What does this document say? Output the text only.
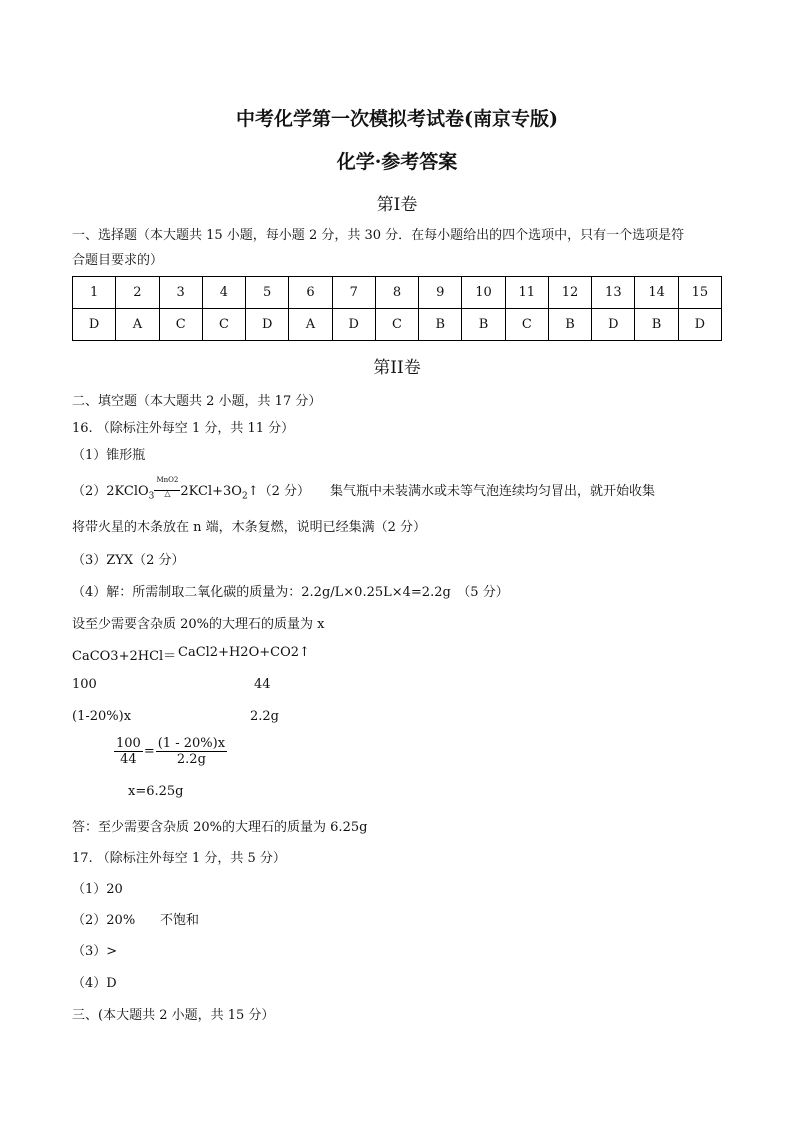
中考化学第一次模拟考试卷(南京专版)
化学·参考答案
第Ⅰ卷
一、选择题（本大题共 15 小题，每小题 2 分，共 30 分．在每小题给出的四个选项中，只有一个选项是符
合题目要求的）
1	2	3	4	5	6	7	8	9	10	11	12	13	14	15
D	A	C	C	D	A	D	C	B	B	C	B	D	B	D
第II卷
二、填空题（本大题共 2 小题，共 17 分）
16. （除标注外每空 1 分，共 11 分）
（1）锥形瓶
（2）2KClO$_3$
MnO2
△ $2KCl+3O_2↑(2$ 分） 集气瓶中未装满水或未等气泡连续均匀冒出，就开始收集
将带火星的木条放在 n 端，木条复燃，说明已经集满（2 分）
（3）ZYX（2 分）
（4）解：所需制取二氧化碳的质量为：2.2g/L×0.25L×4=2.2g　（5 分）
设至少需要含杂质 20%的大理石的质量为 x
CaCO3+2HCl＝ CaCl2+H2O+CO2↑
100	44
(1-20%)x	2.2g
$\frac{100}{44} = \frac{(1 - 20\%)x}{2.2g}$
x=6.25g
答：至少需要含杂质 20%的大理石的质量为 6.25g
17. （除标注外每空 1 分，共 5 分）
（1）20
（2）20% 不饱和
（3）>
（4）D
三、(本大题共 2 小题，共 15 分）
